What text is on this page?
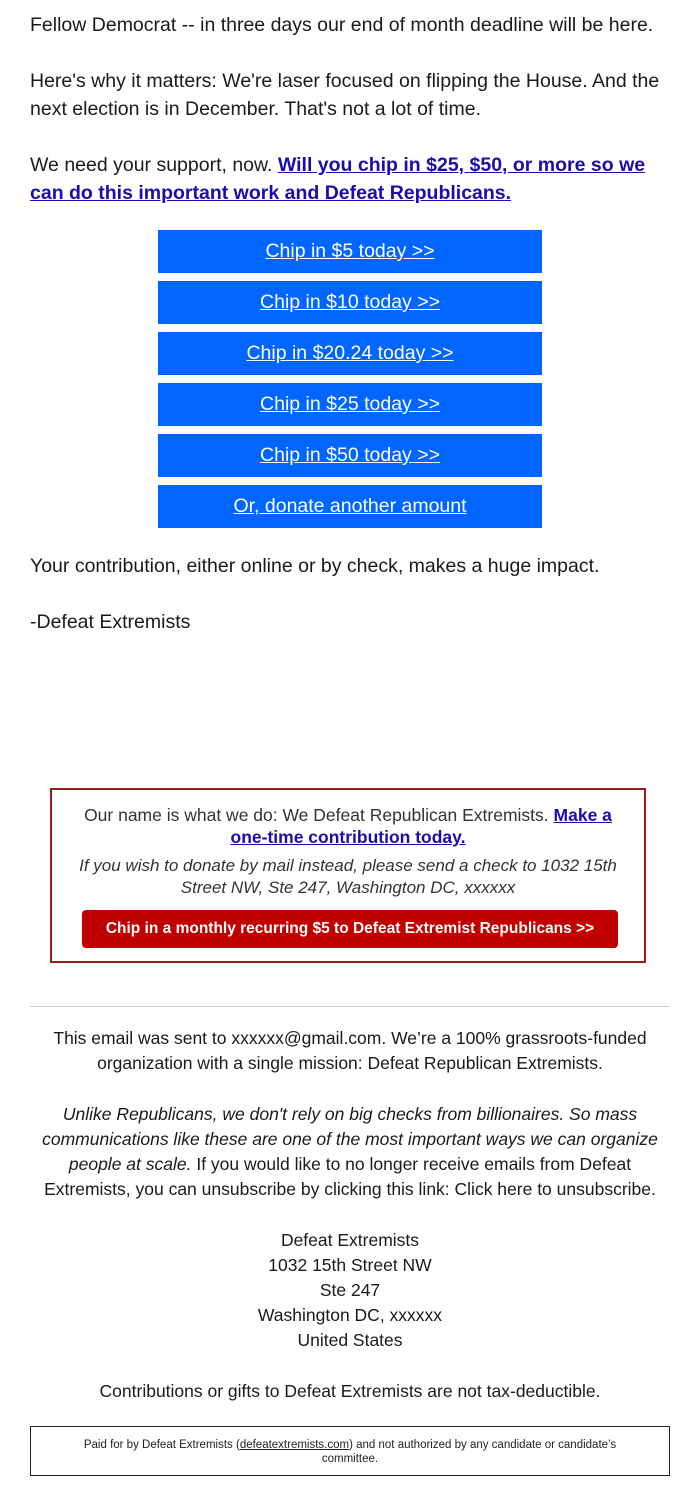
Fellow Democrat -- in three days our end of month deadline will be here.

Here's why it matters: We're laser focused on flipping the House. And the next election is in December. That's not a lot of time.

We need your support, now. Will you chip in $25, $50, or more so we can do this important work and Defeat Republicans.

Chip in $5 today >>
Chip in $10 today >>
Chip in $20.24 today >>
Chip in $25 today >>
Chip in $50 today >>
Or, donate another amount

Your contribution, either online or by check, makes a huge impact.

-Defeat Extremists

Our name is what we do: We Defeat Republican Extremists. Make a one-time contribution today.
If you wish to donate by mail instead, please send a check to 1032 15th Street NW, Ste 247, Washington DC, xxxxxx
Chip in a monthly recurring $5 to Defeat Extremist Republicans >>

This email was sent to xxxxxx@gmail.com. We’re a 100% grassroots-funded organization with a single mission: Defeat Republican Extremists.

Unlike Republicans, we don't rely on big checks from billionaires. So mass communications like these are one of the most important ways we can organize people at scale. If you would like to no longer receive emails from Defeat Extremists, you can unsubscribe by clicking this link: Click here to unsubscribe.

Defeat Extremists
1032 15th Street NW
Ste 247
Washington DC, xxxxxx
United States

Contributions or gifts to Defeat Extremists are not tax-deductible.

Paid for by Defeat Extremists (defeatextremists.com) and not authorized by any candidate or candidate’s committee.
